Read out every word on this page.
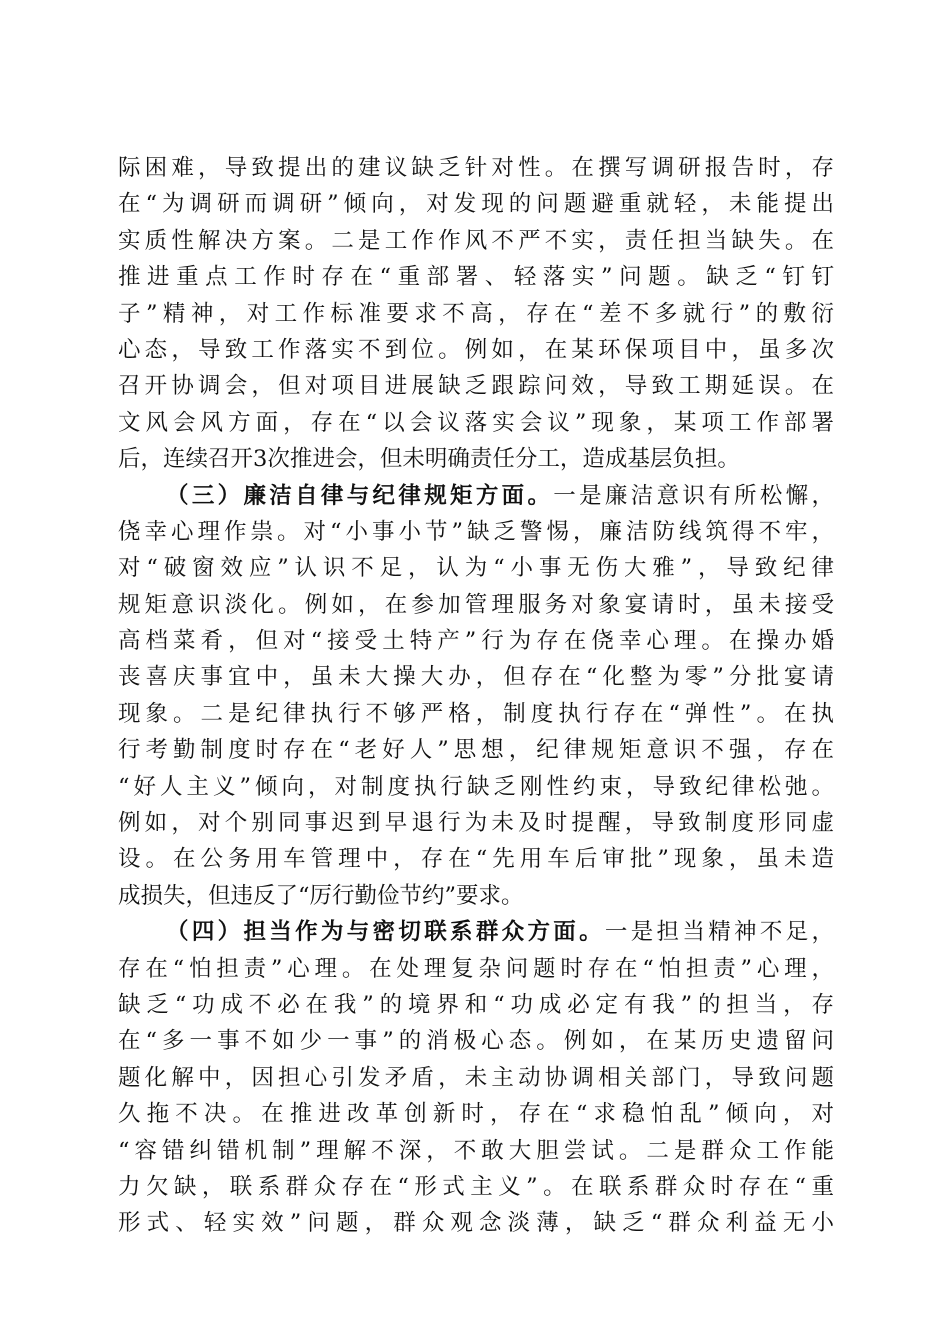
际困难，导致提出的建议缺乏针对性。在撰写调研报告时，存
在“为调研而调研”倾向，对发现的问题避重就轻，未能提出
实质性解决方案。二是工作作风不严不实，责任担当缺失。在
推进重点工作时存在“重部署、轻落实”问题。缺乏“钉钉
子”精神，对工作标准要求不高，存在“差不多就行”的敷衍
心态，导致工作落实不到位。例如，在某环保项目中，虽多次
召开协调会，但对项目进展缺乏跟踪问效，导致工期延误。在
文风会风方面，存在“以会议落实会议”现象，某项工作部署
后，连续召开3次推进会，但未明确责任分工，造成基层负担。
（三）廉洁自律与纪律规矩方面。一是廉洁意识有所松懈，
侥幸心理作祟。对“小事小节”缺乏警惕，廉洁防线筑得不牢，
对“破窗效应”认识不足，认为“小事无伤大雅”，导致纪律
规矩意识淡化。例如，在参加管理服务对象宴请时，虽未接受
高档菜肴，但对“接受土特产”行为存在侥幸心理。在操办婚
丧喜庆事宜中，虽未大操大办，但存在“化整为零”分批宴请
现象。二是纪律执行不够严格，制度执行存在“弹性”。在执
行考勤制度时存在“老好人”思想，纪律规矩意识不强，存在
“好人主义”倾向，对制度执行缺乏刚性约束，导致纪律松弛。
例如，对个别同事迟到早退行为未及时提醒，导致制度形同虚
设。在公务用车管理中，存在“先用车后审批”现象，虽未造
成损失，但违反了“厉行勤俭节约”要求。
（四）担当作为与密切联系群众方面。一是担当精神不足，
存在“怕担责”心理。在处理复杂问题时存在“怕担责”心理，
缺乏“功成不必在我”的境界和“功成必定有我”的担当，存
在“多一事不如少一事”的消极心态。例如，在某历史遗留问
题化解中，因担心引发矛盾，未主动协调相关部门，导致问题
久拖不决。在推进改革创新时，存在“求稳怕乱”倾向，对
“容错纠错机制”理解不深，不敢大胆尝试。二是群众工作能
力欠缺，联系群众存在“形式主义”。在联系群众时存在“重
形式、轻实效”问题，群众观念淡薄，缺乏“群众利益无小
